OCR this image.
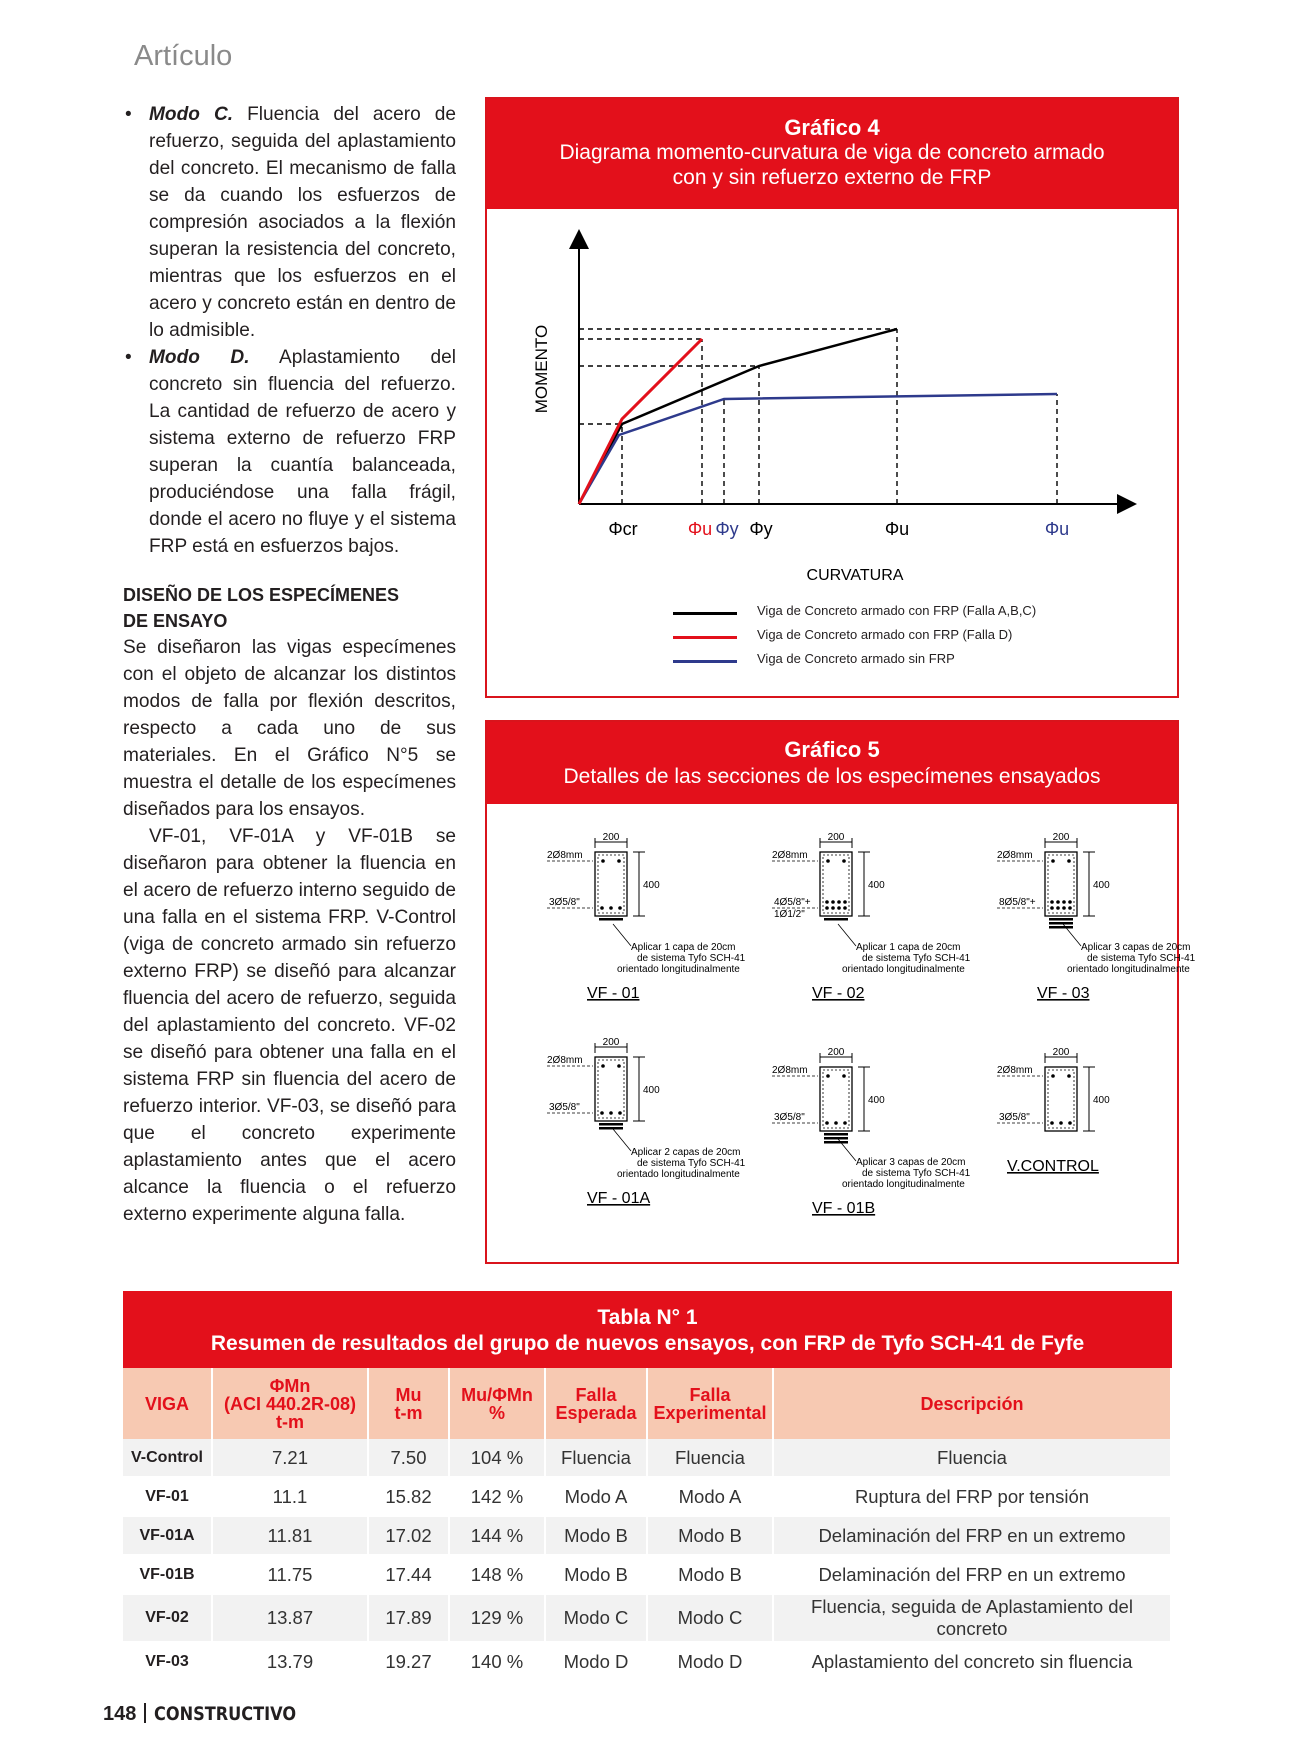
Artículo

• Modo C. Fluencia del acero de refuerzo, seguida del aplastamiento del concreto. El mecanismo de falla se da cuando los esfuerzos de compresión asociados a la flexión superan la resistencia del concreto, mientras que los esfuerzos en el acero y concreto están en dentro de lo admisible.

• Modo D. Aplastamiento del concreto sin fluencia del refuerzo. La cantidad de refuerzo de acero y sistema externo de refuerzo FRP superan la cuantía balanceada, produciéndose una falla frágil, donde el acero no fluye y el sistema FRP está en esfuerzos bajos.

DISEÑO DE LOS ESPECÍMENES
DE ENSAYO

Se diseñaron las vigas especímenes con el objeto de alcanzar los distintos modos de falla por flexión descritos, respecto a cada uno de sus materiales. En el Gráfico N°5 se muestra el detalle de los especímenes diseñados para los ensayos.

VF-01, VF-01A y VF-01B se diseñaron para obtener la fluencia en el acero de refuerzo interno seguido de una falla en el sistema FRP. V-Control (viga de concreto armado sin refuerzo externo FRP) se diseñó para alcanzar fluencia del acero de refuerzo, seguida del aplastamiento del concreto. VF-02 se diseñó para obtener una falla en el sistema FRP sin fluencia del acero de refuerzo interior. VF-03, se diseñó para que el concreto experimente aplastamiento antes que el acero alcance la fluencia o el refuerzo externo experimente alguna falla.

Gráfico 4
Diagrama momento-curvatura de viga de concreto armado
con y sin refuerzo externo de FRP
MOMENTO
Φcr	Φu Φy Φy	Φu	Φu
CURVATURA
Viga de Concreto armado con FRP (Falla A,B,C)
Viga de Concreto armado con FRP (Falla D)
Viga de Concreto armado sin FRP
Gráfico 5
Detalles de las secciones de los especímenes ensayados
200
400
2Ø8mm
3Ø5/8"
Aplicar 1 capa de 20cm
de sistema Tyfo SCH-41
orientado longitudinalmente
VF - 01
200
400
2Ø8mm
4Ø5/8"+
1Ø1/2"
Aplicar 1 capa de 20cm
de sistema Tyfo SCH-41
orientado longitudinalmente
VF - 02
200
400
2Ø8mm
8Ø5/8"+
Aplicar 3 capas de 20cm
de sistema Tyfo SCH-41
orientado longitudinalmente
VF - 03
200
400
2Ø8mm
3Ø5/8"
Aplicar 2 capas de 20cm
de sistema Tyfo SCH-41
orientado longitudinalmente
VF - 01A
200
400
2Ø8mm
3Ø5/8"
Aplicar 3 capas de 20cm
de sistema Tyfo SCH-41
orientado longitudinalmente
VF - 01B
200
400
2Ø8mm
3Ø5/8"
V.CONTROL
Tabla N° 1
Resumen de resultados del grupo de nuevos ensayos, con FRP de Tyfo SCH-41 de Fyfe
VIGA	ΦMn
(ACI 440.2R-08)
t-m	Mu
t-m	Mu/ΦMn
%	Falla
Esperada	Falla
Experimental	Descripción
V-Control	7.21	7.50	104 %	Fluencia	Fluencia	Fluencia
VF-01	11.1	15.82	142 %	Modo A	Modo A	Ruptura del FRP por tensión
VF-01A	11.81	17.02	144 %	Modo B	Modo B	Delaminación del FRP en un extremo
VF-01B	11.75	17.44	148 %	Modo B	Modo B	Delaminación del FRP en un extremo
VF-02	13.87	17.89	129 %	Modo C	Modo C	Fluencia, seguida de Aplastamiento del concreto
VF-03	13.79	19.27	140 %	Modo D	Modo D	Aplastamiento del concreto sin fluencia
148 CONSTRUCTIVO
